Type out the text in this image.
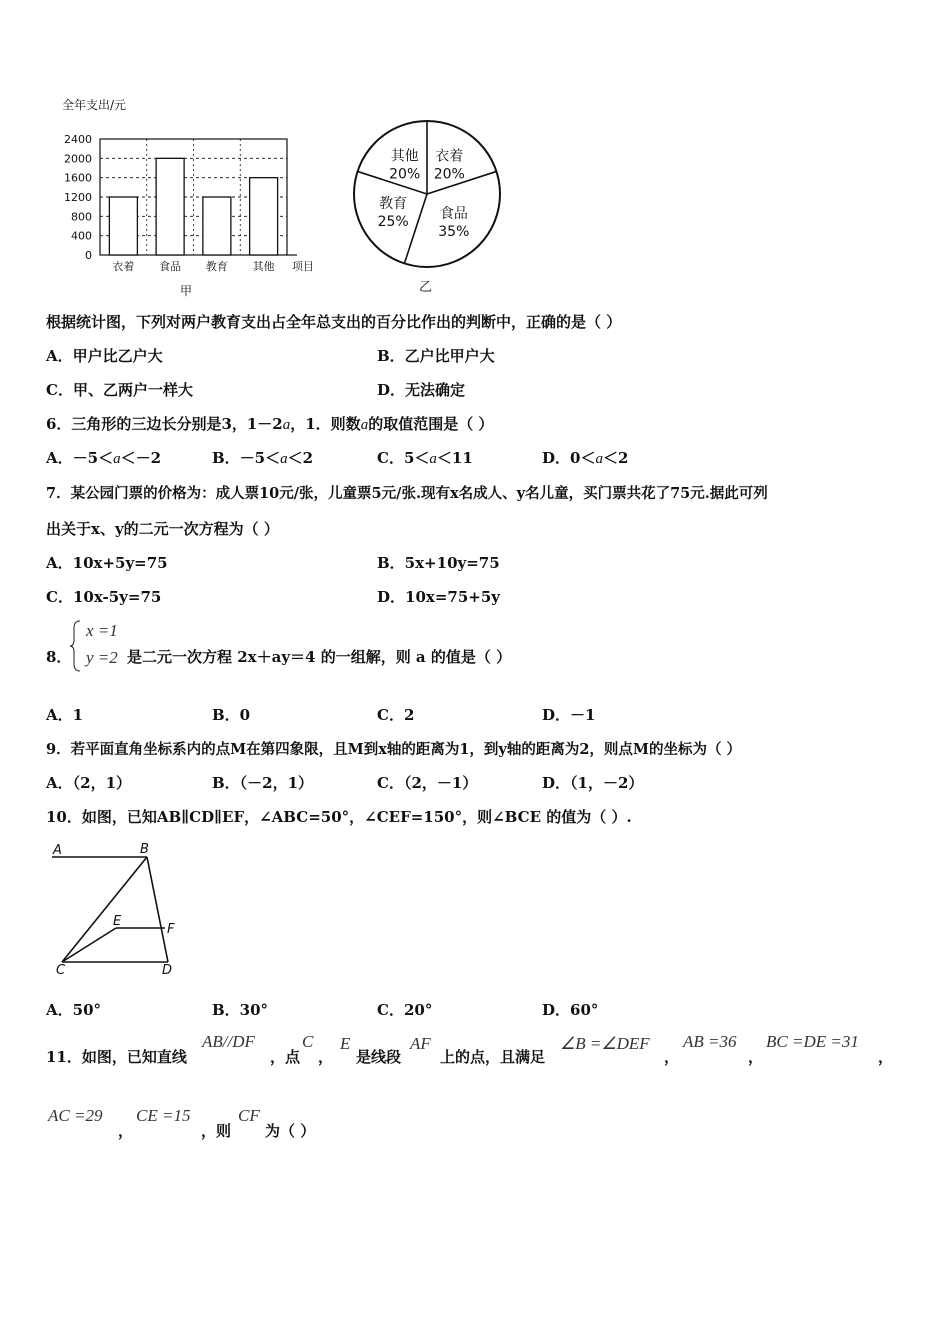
全年支出/元
2400
2000
1600
1200
800
400
0
衣着 食品 教育 其他 项目
甲
衣着
20%
食品
35%
教育
25%
其他
20%
乙
根据统计图，下列对两户教育支出占全年总支出的百分比作出的判断中，正确的是（ ）
A．甲户比乙户大	B．乙户比甲户大
C．甲、乙两户一样大	D．无法确定
6．三角形的三边长分别是3，1－2a，1．则数a的取值范围是（ ）
A．－5＜a＜－2	B．－5＜a＜2	C．5＜a＜11	D．0＜a＜2
7．某公园门票的价格为：成人票10元/张，儿童票5元/张.现有x名成人、y名儿童，买门票共花了75元.据此可列
出关于x、y的二元一次方程为（ ）
A．10x+5y=75	B．5x+10y=75
C．10x-5y=75	D．10x=75+5y
8．
x =1
y =2 是二元一次方程 2x＋ay＝4 的一组解，则 a 的值是（ ）
A．1	B．0	C．2	D．－1
9．若平面直角坐标系内的点M在第四象限，且M到x轴的距离为1，到y轴的距离为2，则点M的坐标为（ ）
A．（2，1）	B．（－2，1）	C．（2，－1）	D．（1，－2）
10．如图，已知AB∥CD∥EF，∠ABC=50°，∠CEF=150°，则∠BCE 的值为（ ）.
A	B
E
F
C	D
A．50°	B．30°	C．20°	D．60°
11．如图，已知直线
AB//DF
，点
C
，
E
是线段
AF
上的点，且满足
∠B =∠DEF
，
AB =36
，
BC =DE =31
，
AC =29
，
CE =15
，则
CF
为（ ）
